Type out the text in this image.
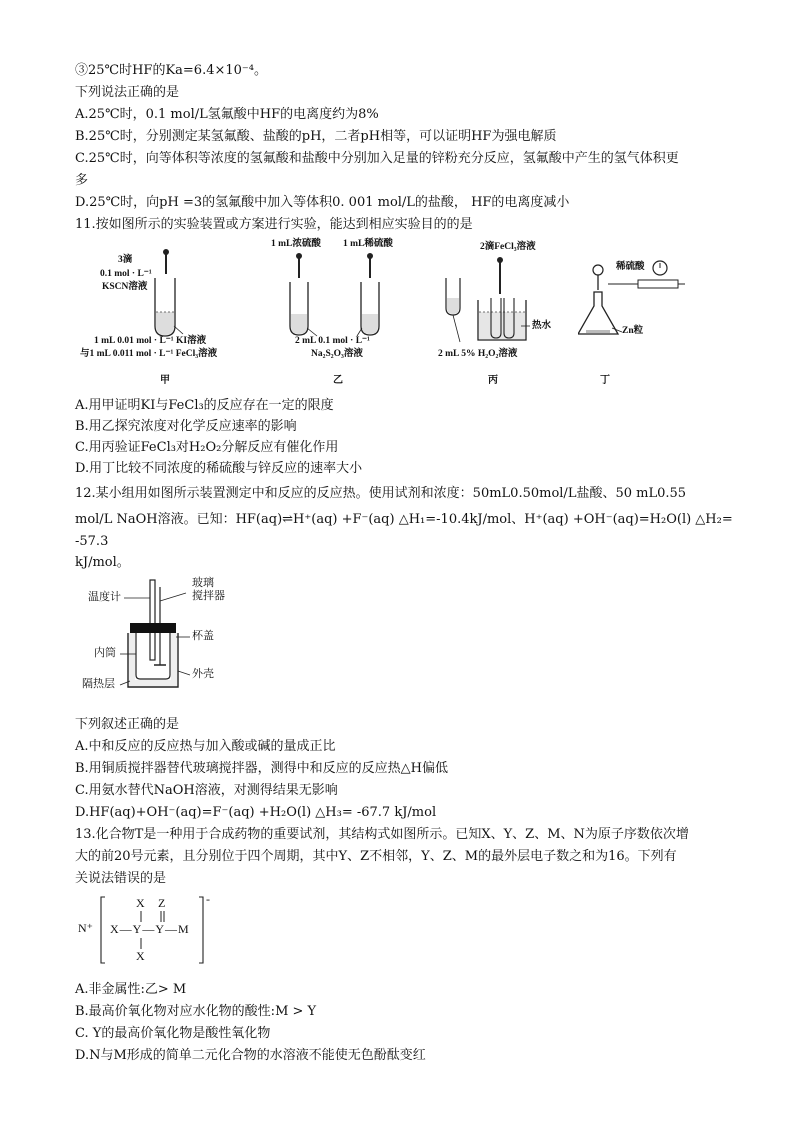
③25℃时HF的Ka=6.4×10⁻⁴。
下列说法正确的是
A.25℃时，0.1 mol/L氢氟酸中HF的电离度约为8%
B.25℃时，分别测定某氢氟酸、盐酸的pH，二者pH相等，可以证明HF为强电解质
C.25℃时，向等体积等浓度的氢氟酸和盐酸中分别加入足量的锌粉充分反应，氢氟酸中产生的氢气体积更
多
D.25℃时，向pH =3的氢氟酸中加入等体积0. 001 mol/L的盐酸， HF的电离度减小
11.按如图所示的实验装置或方案进行实验，能达到相应实验目的的是
3滴
0.1 mol · L⁻¹
KSCN溶液
1 mL 0.01 mol · L⁻¹ KI溶液
与1 mL 0.011 mol · L⁻¹ FeCl₃溶液
甲
1 mL浓硫酸 1 mL稀硫酸
2 mL 0.1 mol · L⁻¹
Na₂S₂O₃溶液
乙
2滴FeCl₃溶液
热水
2 mL 5% H₂O₂溶液
丙
稀硫酸
Zn粒
丁
A.用甲证明KI与FeCl₃的反应存在一定的限度
B.用乙探究浓度对化学反应速率的影响
C.用丙验证FeCl₃对H₂O₂分解反应有催化作用
D.用丁比较不同浓度的稀硫酸与锌反应的速率大小
12.某小组用如图所示装置测定中和反应的反应热。使用试剂和浓度：50mL0.50mol/L盐酸、50 mL0.55
mol/L NaOH溶液。已知：HF(aq)⇌H⁺(aq) +F⁻(aq) △H₁=-10.4kJ/mol、H⁺(aq) +OH⁻(aq)=H₂O(l) △H₂=
-57.3
kJ/mol。
温度计
玻璃
搅拌器
杯盖
内筒
外壳
隔热层
下列叙述正确的是
A.中和反应的反应热与加入酸或碱的量成正比
B.用铜质搅拌器替代玻璃搅拌器，测得中和反应的反应热△H偏低
C.用氨水替代NaOH溶液，对测得结果无影响
D.HF(aq)+OH⁻(aq)=F⁻(aq) +H₂O(l) △H₃= -67.7 kJ/mol
13.化合物T是一种用于合成药物的重要试剂，其结构式如图所示。已知X、Y、Z、M、N为原子序数依次增
大的前20号元素，且分别位于四个周期，其中Y、Z不相邻，Y、Z、M的最外层电子数之和为16。下列有
关说法错误的是
N⁺
X Z
X—Y—Y—M
X
-
A.非金属性:乙> M
B.最高价氧化物对应水化物的酸性:M > Y
C. Y的最高价氧化物是酸性氧化物
D.N与M形成的简单二元化合物的水溶液不能使无色酚酞变红
